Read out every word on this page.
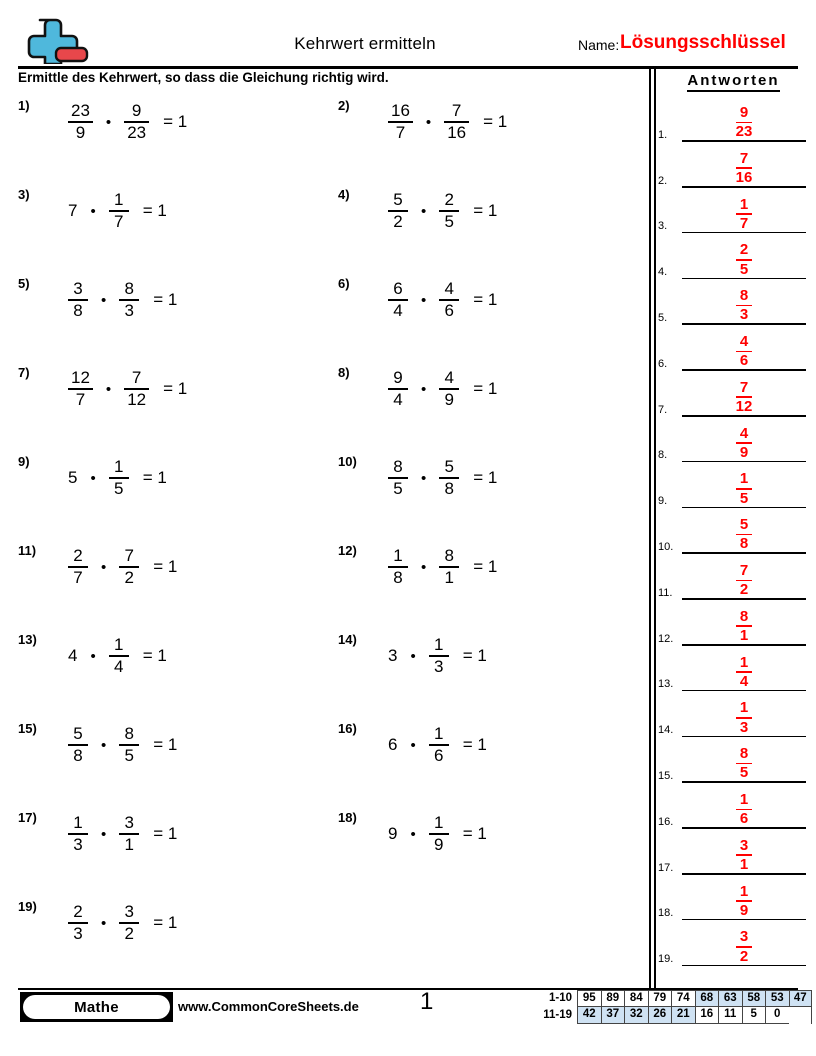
Kehrwert ermitteln	Name: Lösungsschlüssel
Ermittle des Kehrwert, so dass die Gleichung richtig wird.
$1) \frac{23}{9}$ • $\frac{9}{23} = 1$
$2) \frac{16}{7}$ • $\frac{7}{16} = 1$
3)
7 • $\frac{1}{7} = 1$
$4) \frac{5}{2}$ • $\frac{2}{5} = 1$
$5) \frac{3}{8}$ • $\frac{8}{3} = 1$
$6) \frac{6}{4}$ • $\frac{4}{6} = 1$
$7) \frac{12}{7}$ • $\frac{7}{12} = 1$
$8) \frac{9}{4}$ • $\frac{4}{9} = 1$
9)
5 • $\frac{1}{5} = 1$
$10) \frac{8}{5}$ • $\frac{5}{8} = 1$
$11) \frac{2}{7}$ • $\frac{7}{2} = 1$
$12) \frac{1}{8}$ • $\frac{8}{1} = 1$
13)
4 • $\frac{1}{4} = 1$
14)
3 • $\frac{1}{3} = 1$
$15) \frac{5}{8}$ • $\frac{8}{5} = 1$
16)
6 • $\frac{1}{6} = 1$
$17) \frac{1}{3}$ • $\frac{3}{1} = 1$
18)
9 • $\frac{1}{9} = 1$
$19) \frac{2}{3}$ • $\frac{3}{2} = 1$
Antworten
1.
9
23
2.
7
16
3.
1
7
4.
2
5
5.
8
3
6.
4
6
7.
7
12
8.
4
9
9.
1
5
10.
5
8
11.
7
2
12.
8
1
13.
1
4
14.
1
3
15.
8
5
16.
1
6
17.
3
1
18.
1
9
19.
3
2
Mathe	www.CommonCoreSheets.de	1	1-10 95 89 84 79 74 68 63 58 53 47
11-19 42 37 32 26 21 16 11	5	0
